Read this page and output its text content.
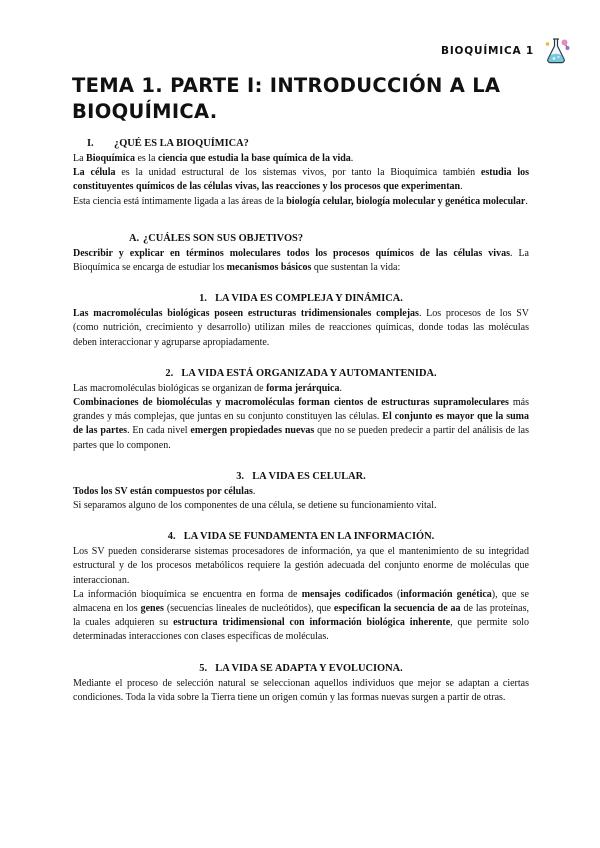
BIOQUÍMICA 1
TEMA 1. PARTE I: INTRODUCCIÓN A LA BIOQUÍMICA.
I. ¿QUÉ ES LA BIOQUÍMICA?

La Bioquímica es la ciencia que estudia la base química de la vida.

La célula es la unidad estructural de los sistemas vivos, por tanto la Bioquímica también estudia los constituyentes químicos de las células vivas, las reacciones y los procesos que experimentan.

Esta ciencia está íntimamente ligada a las áreas de la biología celular, biología molecular y genética molecular.

A. ¿CUÁLES SON SUS OBJETIVOS?

Describir y explicar en términos moleculares todos los procesos químicos de las células vivas. La Bioquímica se encarga de estudiar los mecanismos básicos que sustentan la vida:

1. LA VIDA ES COMPLEJA Y DINÁMICA.

Las macromoléculas biológicas poseen estructuras tridimensionales complejas. Los procesos de los SV (como nutrición, crecimiento y desarrollo) utilizan miles de reacciones químicas, donde todas las moléculas deben interaccionar y agruparse apropiadamente.

2. LA VIDA ESTÁ ORGANIZADA Y AUTOMANTENIDA.

Las macromoléculas biológicas se organizan de forma jerárquica.

Combinaciones de biomoléculas y macromoléculas forman cientos de estructuras supramoleculares más grandes y más complejas, que juntas en su conjunto constituyen las células. El conjunto es mayor que la suma de las partes. En cada nivel emergen propiedades nuevas que no se pueden predecir a partir del análisis de las partes que lo componen.

3. LA VIDA ES CELULAR.

Todos los SV están compuestos por células.

Si separamos alguno de los componentes de una célula, se detiene su funcionamiento vital.

4. LA VIDA SE FUNDAMENTA EN LA INFORMACIÓN.

Los SV pueden considerarse sistemas procesadores de información, ya que el mantenimiento de su integridad estructural y de los procesos metabólicos requiere la gestión adecuada del conjunto enorme de moléculas que interaccionan.

La información bioquímica se encuentra en forma de mensajes codificados (información genética), que se almacena en los genes (secuencias lineales de nucleótidos), que especifican la secuencia de aa de las proteínas, la cuales adquieren su estructura tridimensional con información biológica inherente, que permite solo determinadas interacciones con clases específicas de moléculas.

5. LA VIDA SE ADAPTA Y EVOLUCIONA.

Mediante el proceso de selección natural se seleccionan aquellos individuos que mejor se adaptan a ciertas condiciones. Toda la vida sobre la Tierra tiene un origen común y las formas nuevas surgen a partir de otras.
